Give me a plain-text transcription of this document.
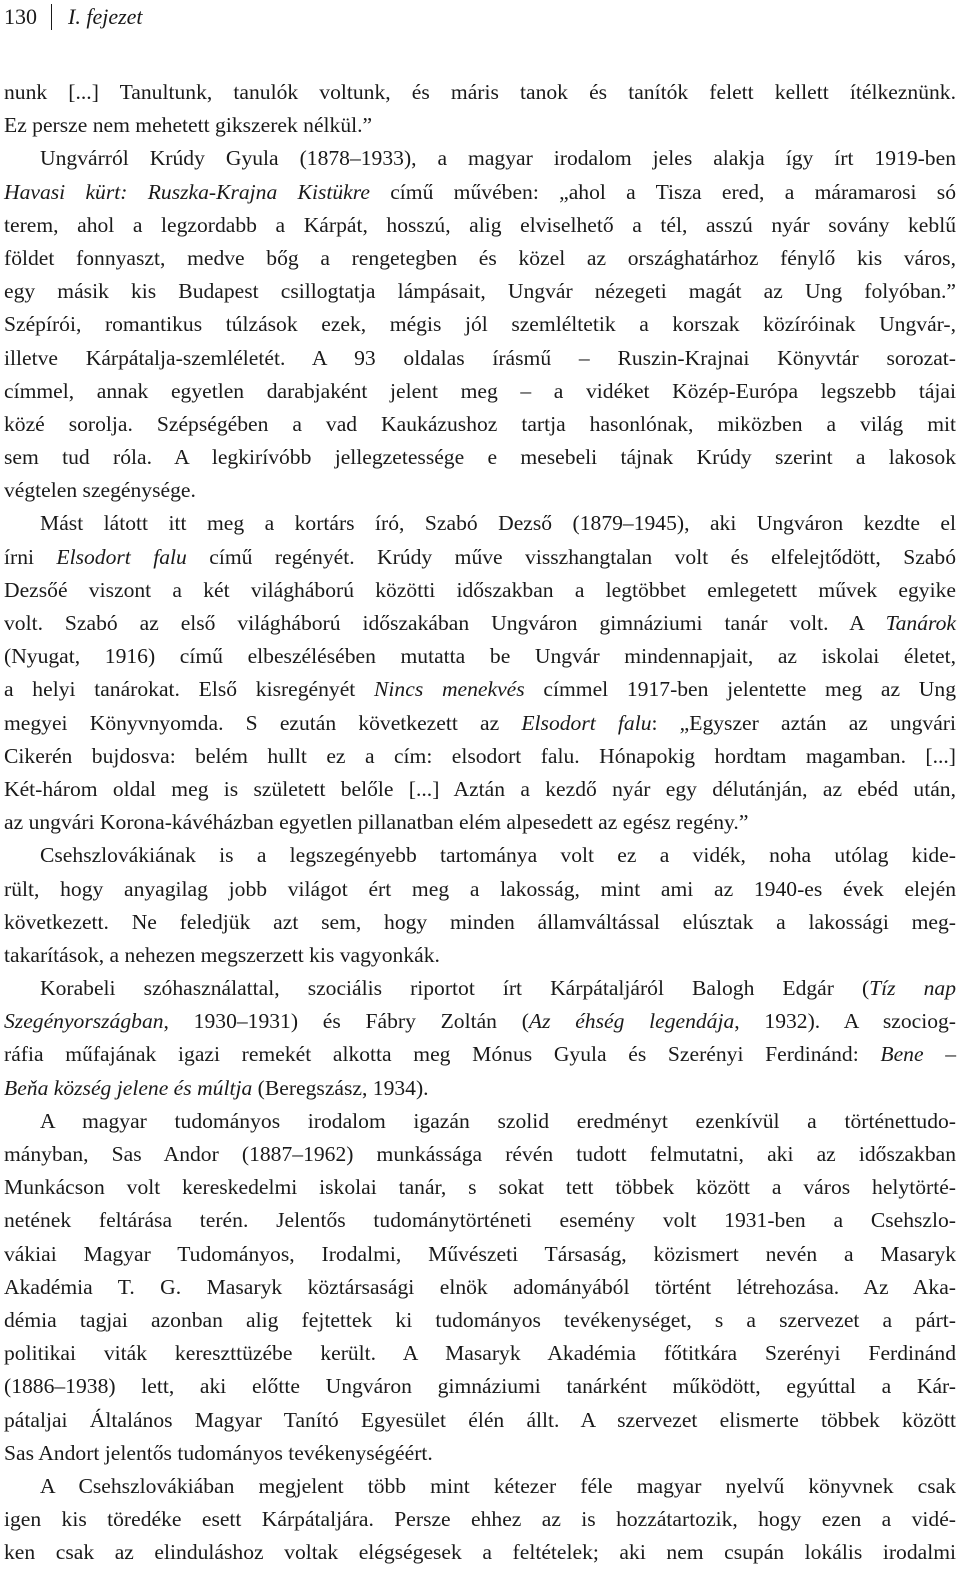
130	I. fejezet
nunk [...] Tanultunk, tanulók voltunk, és máris tanok és tanítók felett kellett ítélkeznünk.
Ez persze nem mehetett gikszerek nélkül.”
Ungvárról Krúdy Gyula (1878–1933), a magyar irodalom jeles alakja így írt 1919-ben
Havasi kürt: Ruszka-Krajna Kistükre című művében: „ahol a Tisza ered, a máramarosi só
terem, ahol a legzordabb a Kárpát, hosszú, alig elviselhető a tél, asszú nyár sovány keblű
földet fonnyaszt, medve bőg a rengetegben és közel az országhatárhoz fénylő kis város,
egy másik kis Budapest csillogtatja lámpásait, Ungvár nézegeti magát az Ung folyóban.”
Szépírói, romantikus túlzások ezek, mégis jól szemléltetik a korszak közíróinak Ungvár-,
illetve Kárpátalja-szemléletét. A 93 oldalas írásmű – Ruszin-Krajnai Könyvtár sorozat-
címmel, annak egyetlen darabjaként jelent meg – a vidéket Közép-Európa legszebb tájai
közé sorolja. Szépségében a vad Kaukázushoz tartja hasonlónak, miközben a világ mit
sem tud róla. A legkirívóbb jellegzetessége e mesebeli tájnak Krúdy szerint a lakosok
végtelen szegénysége.
Mást látott itt meg a kortárs író, Szabó Dezső (1879–1945), aki Ungváron kezdte el
írni Elsodort falu című regényét. Krúdy műve visszhangtalan volt és elfelejtődött, Szabó
Dezsőé viszont a két világháború közötti időszakban a legtöbbet emlegetett művek egyike
volt. Szabó az első világháború időszakában Ungváron gimnáziumi tanár volt. A Tanárok
(Nyugat, 1916) című elbeszélésében mutatta be Ungvár mindennapjait, az iskolai életet,
a helyi tanárokat. Első kisregényét Nincs menekvés címmel 1917-ben jelentette meg az Ung
megyei Könyvnyomda. S ezután következett az Elsodort falu: „Egyszer aztán az ungvári
Cikerén bujdosva: belém hullt ez a cím: elsodort falu. Hónapokig hordtam magamban. [...]
Két-három oldal meg is született belőle [...] Aztán a kezdő nyár egy délutánján, az ebéd után,
az ungvári Korona-kávéházban egyetlen pillanatban elém alpesedett az egész regény.”
Csehszlovákiának is a legszegényebb tartománya volt ez a vidék, noha utólag kide-
rült, hogy anyagilag jobb világot ért meg a lakosság, mint ami az 1940-es évek elején
következett. Ne feledjük azt sem, hogy minden államváltással elúsztak a lakossági meg-
takarítások, a nehezen megszerzett kis vagyonkák.
Korabeli szóhasználattal, szociális riportot írt Kárpátaljáról Balogh Edgár (Tíz nap
Szegényországban, 1930–1931) és Fábry Zoltán (Az éhség legendája, 1932). A szociog-
ráfia műfajának igazi remekét alkotta meg Mónus Gyula és Szerényi Ferdinánd: Bene –
Beňa község jelene és múltja (Beregszász, 1934).
A magyar tudományos irodalom igazán szolid eredményt ezenkívül a történettudo-
mányban, Sas Andor (1887–1962) munkássága révén tudott felmutatni, aki az időszakban
Munkácson volt kereskedelmi iskolai tanár, s sokat tett többek között a város helytörté-
netének feltárása terén. Jelentős tudománytörténeti esemény volt 1931-ben a Csehszlo-
vákiai Magyar Tudományos, Irodalmi, Művészeti Társaság, közismert nevén a Masaryk
Akadémia T. G. Masaryk köztársasági elnök adományából történt létrehozása. Az Aka-
démia tagjai azonban alig fejtettek ki tudományos tevékenységet, s a szervezet a párt-
politikai viták kereszttüzébe került. A Masaryk Akadémia főtitkára Szerényi Ferdinánd
(1886–1938) lett, aki előtte Ungváron gimnáziumi tanárként működött, egyúttal a Kár-
pátaljai Általános Magyar Tanító Egyesület élén állt. A szervezet elismerte többek között
Sas Andort jelentős tudományos tevékenységéért.
A Csehszlovákiában megjelent több mint kétezer féle magyar nyelvű könyvnek csak
igen kis töredéke esett Kárpátaljára. Persze ehhez az is hozzátartozik, hogy ezen a vidé-
ken csak az elinduláshoz voltak elégségesek a feltételek; aki nem csupán lokális irodalmi
